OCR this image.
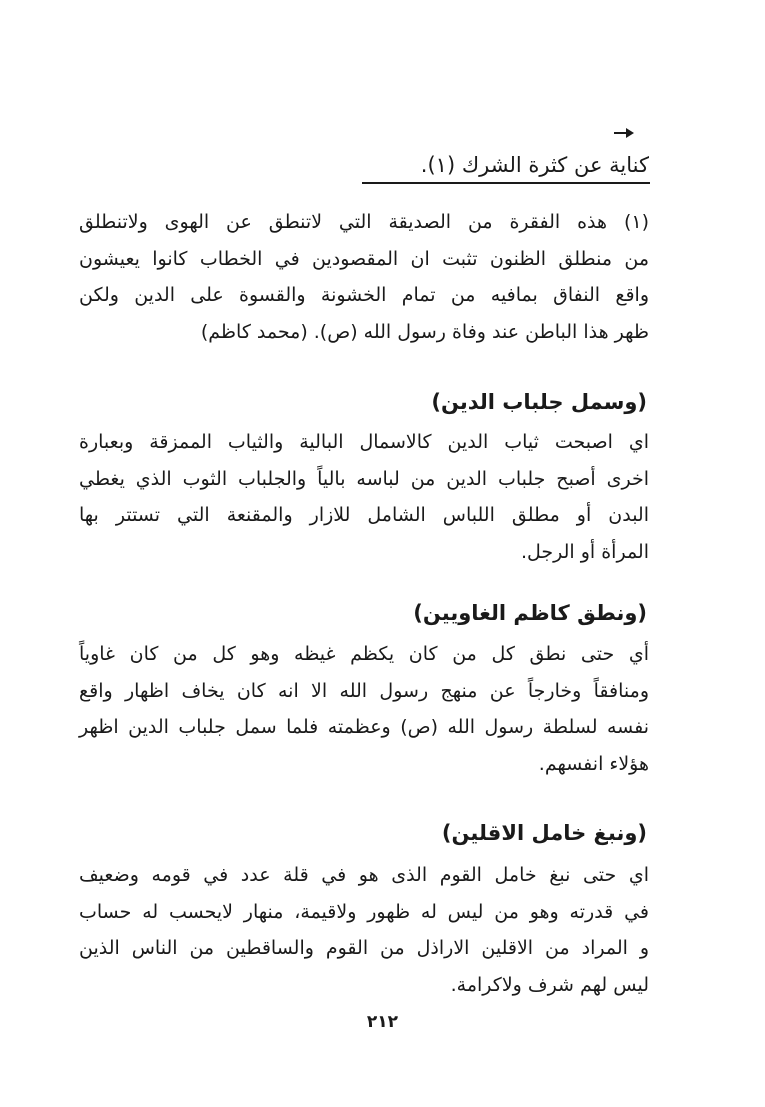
كناية عن كثرة الشرك (١).
(١) هذه الفقرة من الصديقة التي لاتنطق عن الهوى ولاتنطلق
من منطلق الظنون تثبت ان المقصودين في الخطاب كانوا يعيشون
واقع النفاق بمافيه من تمام الخشونة والقسوة على الدين ولكن
ظهر هذا الباطن عند وفاة رسول الله (ص). (محمد كاظم)
(وسمل جلباب الدين)
اي اصبحت ثياب الدين كالاسمال البالية والثياب الممزقة وبعبارة
اخرى أصبح جلباب الدين من لباسه بالياً والجلباب الثوب الذي يغطي
البدن أو مطلق اللباس الشامل للازار والمقنعة التي تستتر بها
المرأة أو الرجل.
(ونطق كاظم الغاويين)
أي حتى نطق كل من كان يكظم غيظه وهو كل من كان غاوياً
ومنافقاً وخارجاً عن منهج رسول الله الا انه كان يخاف اظهار واقع
نفسه لسلطة رسول الله (ص) وعظمته فلما سمل جلباب الدين اظهر
هؤلاء انفسهم.
(ونبغ خامل الاقلين)
اي حتى نبغ خامل القوم الذى هو في قلة عدد في قومه وضعيف
في قدرته وهو من ليس له ظهور ولاقيمة، منهار لايحسب له حساب
و المراد من الاقلين الاراذل من القوم والساقطين من الناس الذين
ليس لهم شرف ولاكرامة.
٢١٢
